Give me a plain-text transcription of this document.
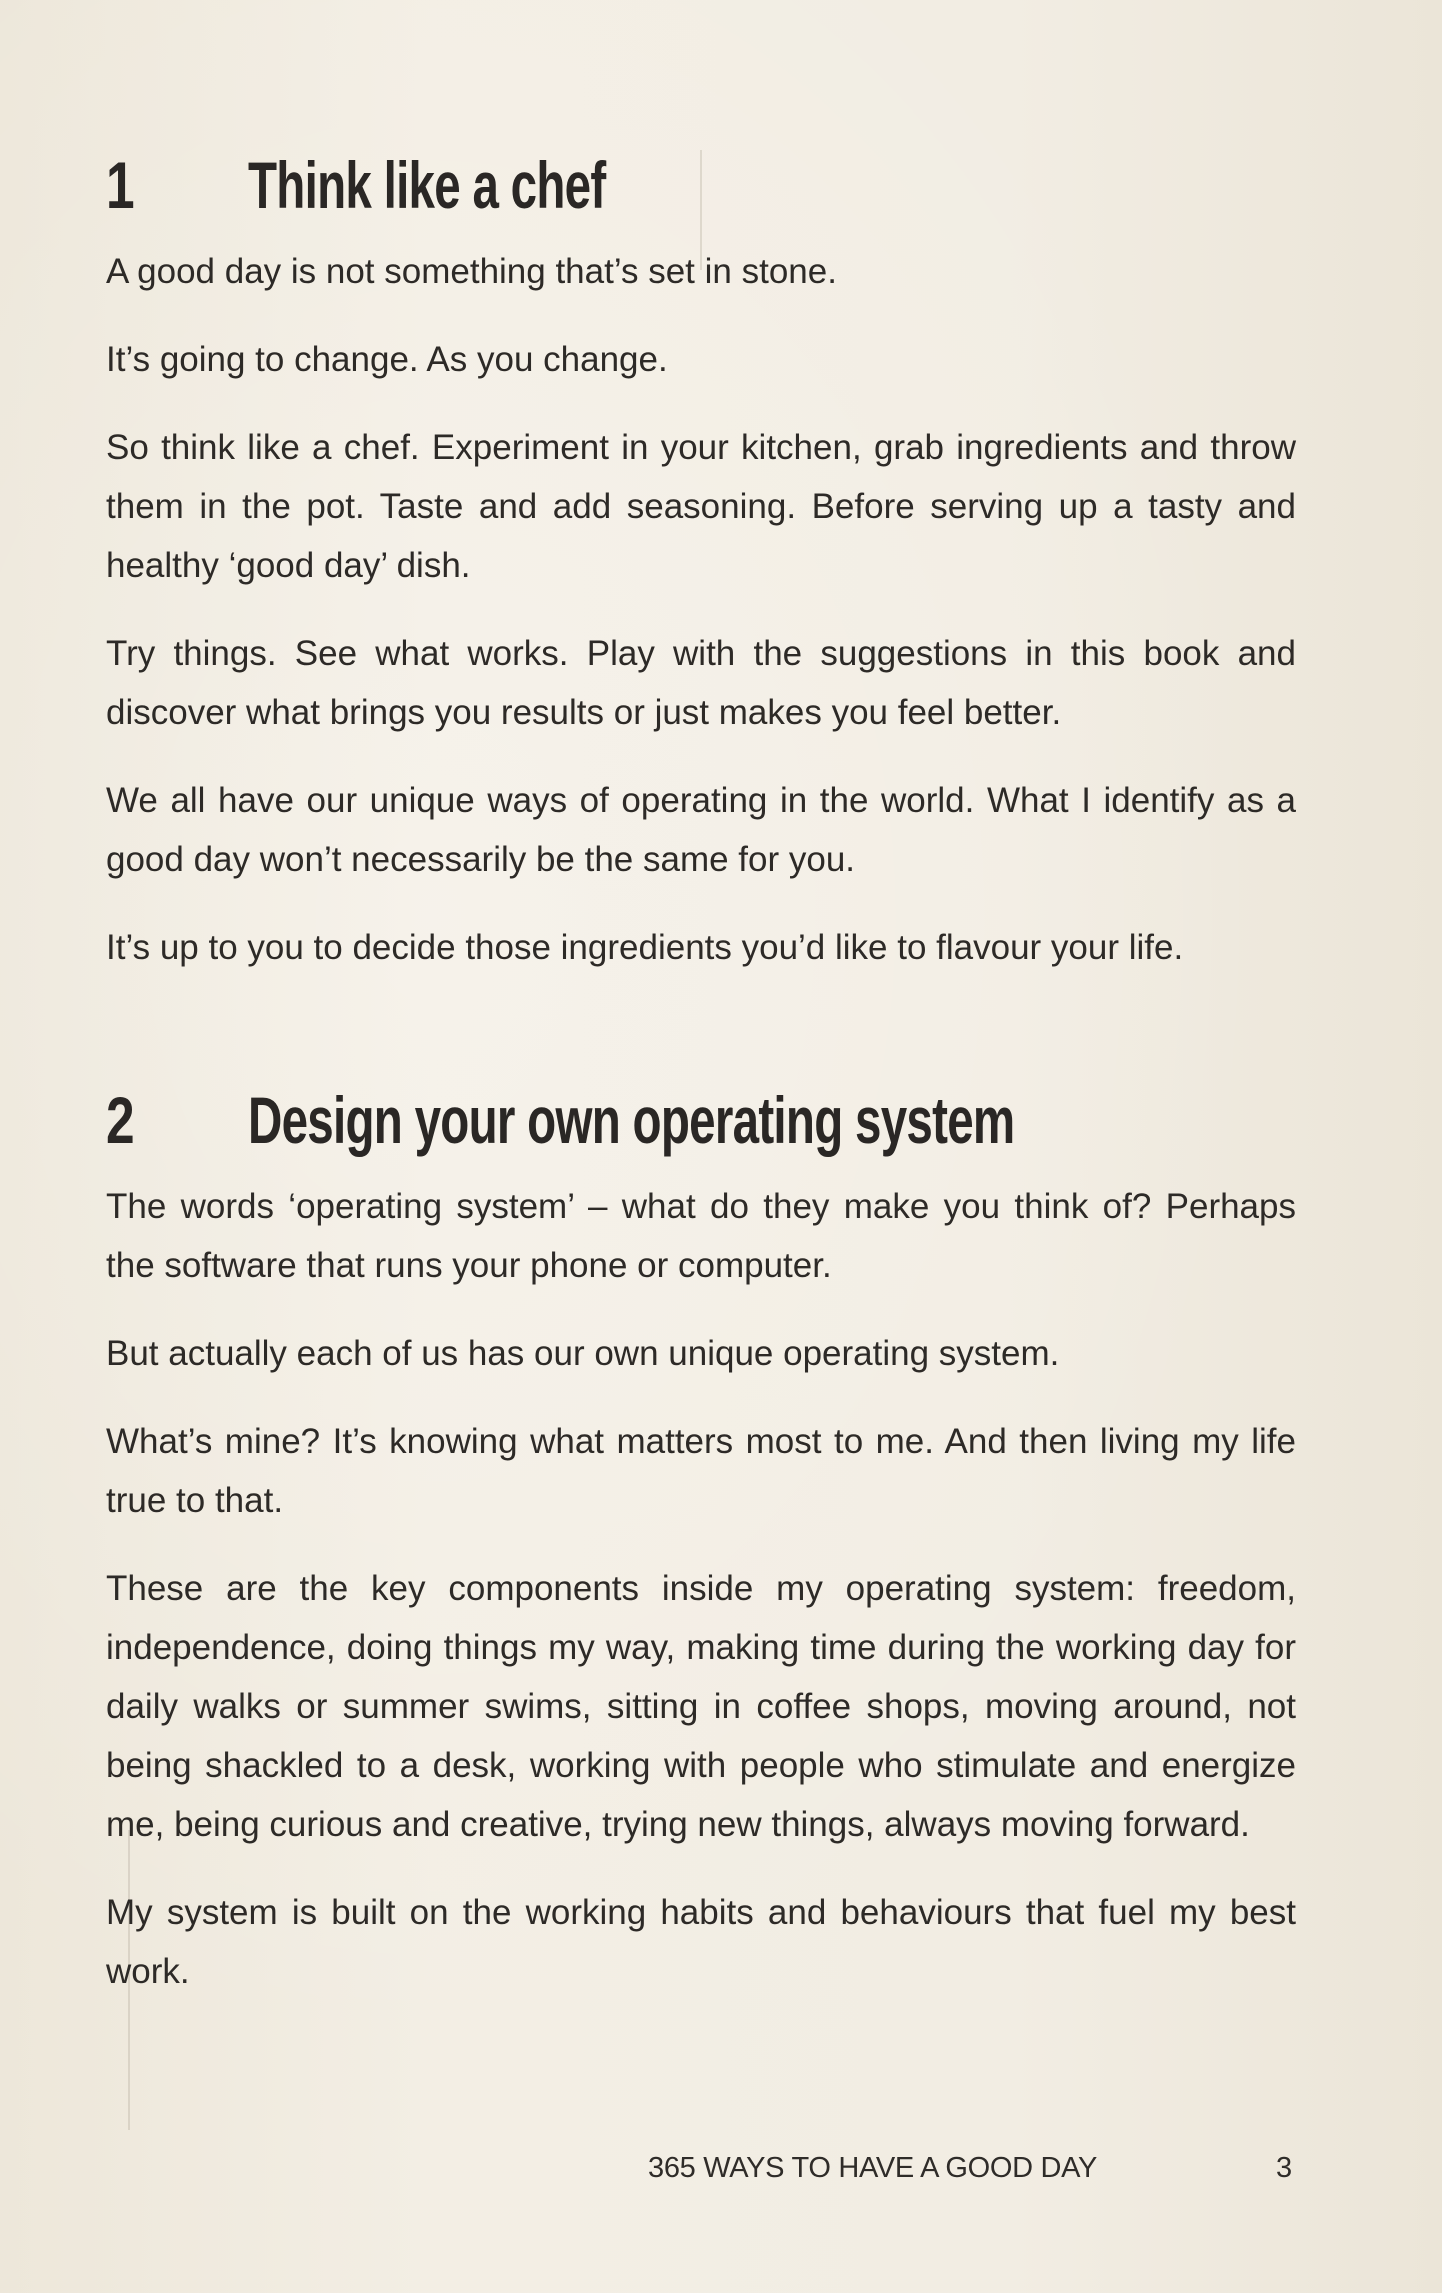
1 Think like a chef

A good day is not something that’s set in stone.

It’s going to change. As you change.

So think like a chef. Experiment in your kitchen, grab ingredients and throw them in the pot. Taste and add seasoning. Before serving up a tasty and healthy ‘good day’ dish.

Try things. See what works. Play with the suggestions in this book and discover what brings you results or just makes you feel better.

We all have our unique ways of operating in the world. What I identify as a good day won’t necessarily be the same for you.

It’s up to you to decide those ingredients you’d like to flavour your life.

2 Design your own operating system

The words ‘operating system’ – what do they make you think of? Perhaps the software that runs your phone or computer.

But actually each of us has our own unique operating system.

What’s mine? It’s knowing what matters most to me. And then living my life true to that.

These are the key components inside my operating system: freedom, independence, doing things my way, making time during the working day for daily walks or summer swims, sitting in coffee shops, moving around, not being shackled to a desk, working with people who stimulate and energize me, being curious and creative, trying new things, always moving forward.

My system is built on the working habits and behaviours that fuel my best work.

365 WAYS TO HAVE A GOOD DAY	3
